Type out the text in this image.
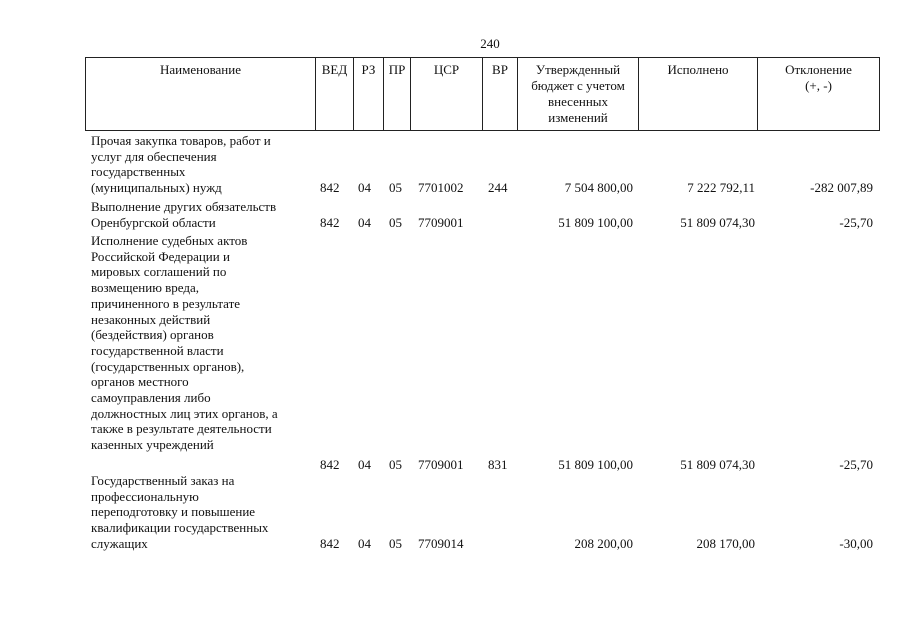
240
Наименование	ВЕД	РЗ	ПР	ЦСР	ВР	Утвержденный
бюджет с учетом
внесенных
изменений
Исполнено	Отклонение
(+, -)
Прочая закупка товаров, работ и
услуг для обеспечения
государственных
(муниципальных) нужд	842 04 05 7701002 244	7 504 800,00	7 222 792,11	-282 007,89
Выполнение других обязательств
Оренбургской области	842 04 05 7709001	51 809 100,00	51 809 074,30	-25,70
Исполнение судебных актов
Российской Федерации и
мировых соглашений по
возмещению вреда,
причиненного в результате
незаконных действий
(бездействия) органов
государственной власти
(государственных органов),
органов местного
самоуправления либо
должностных лиц этих органов, а
также в результате деятельности
казенных учреждений
842 04 05 7709001 831	51 809 100,00	51 809 074,30	-25,70
Государственный заказ на
профессиональную
переподготовку и повышение
квалификации государственных
служащих	842 04 05 7709014	208 200,00	208 170,00	-30,00
